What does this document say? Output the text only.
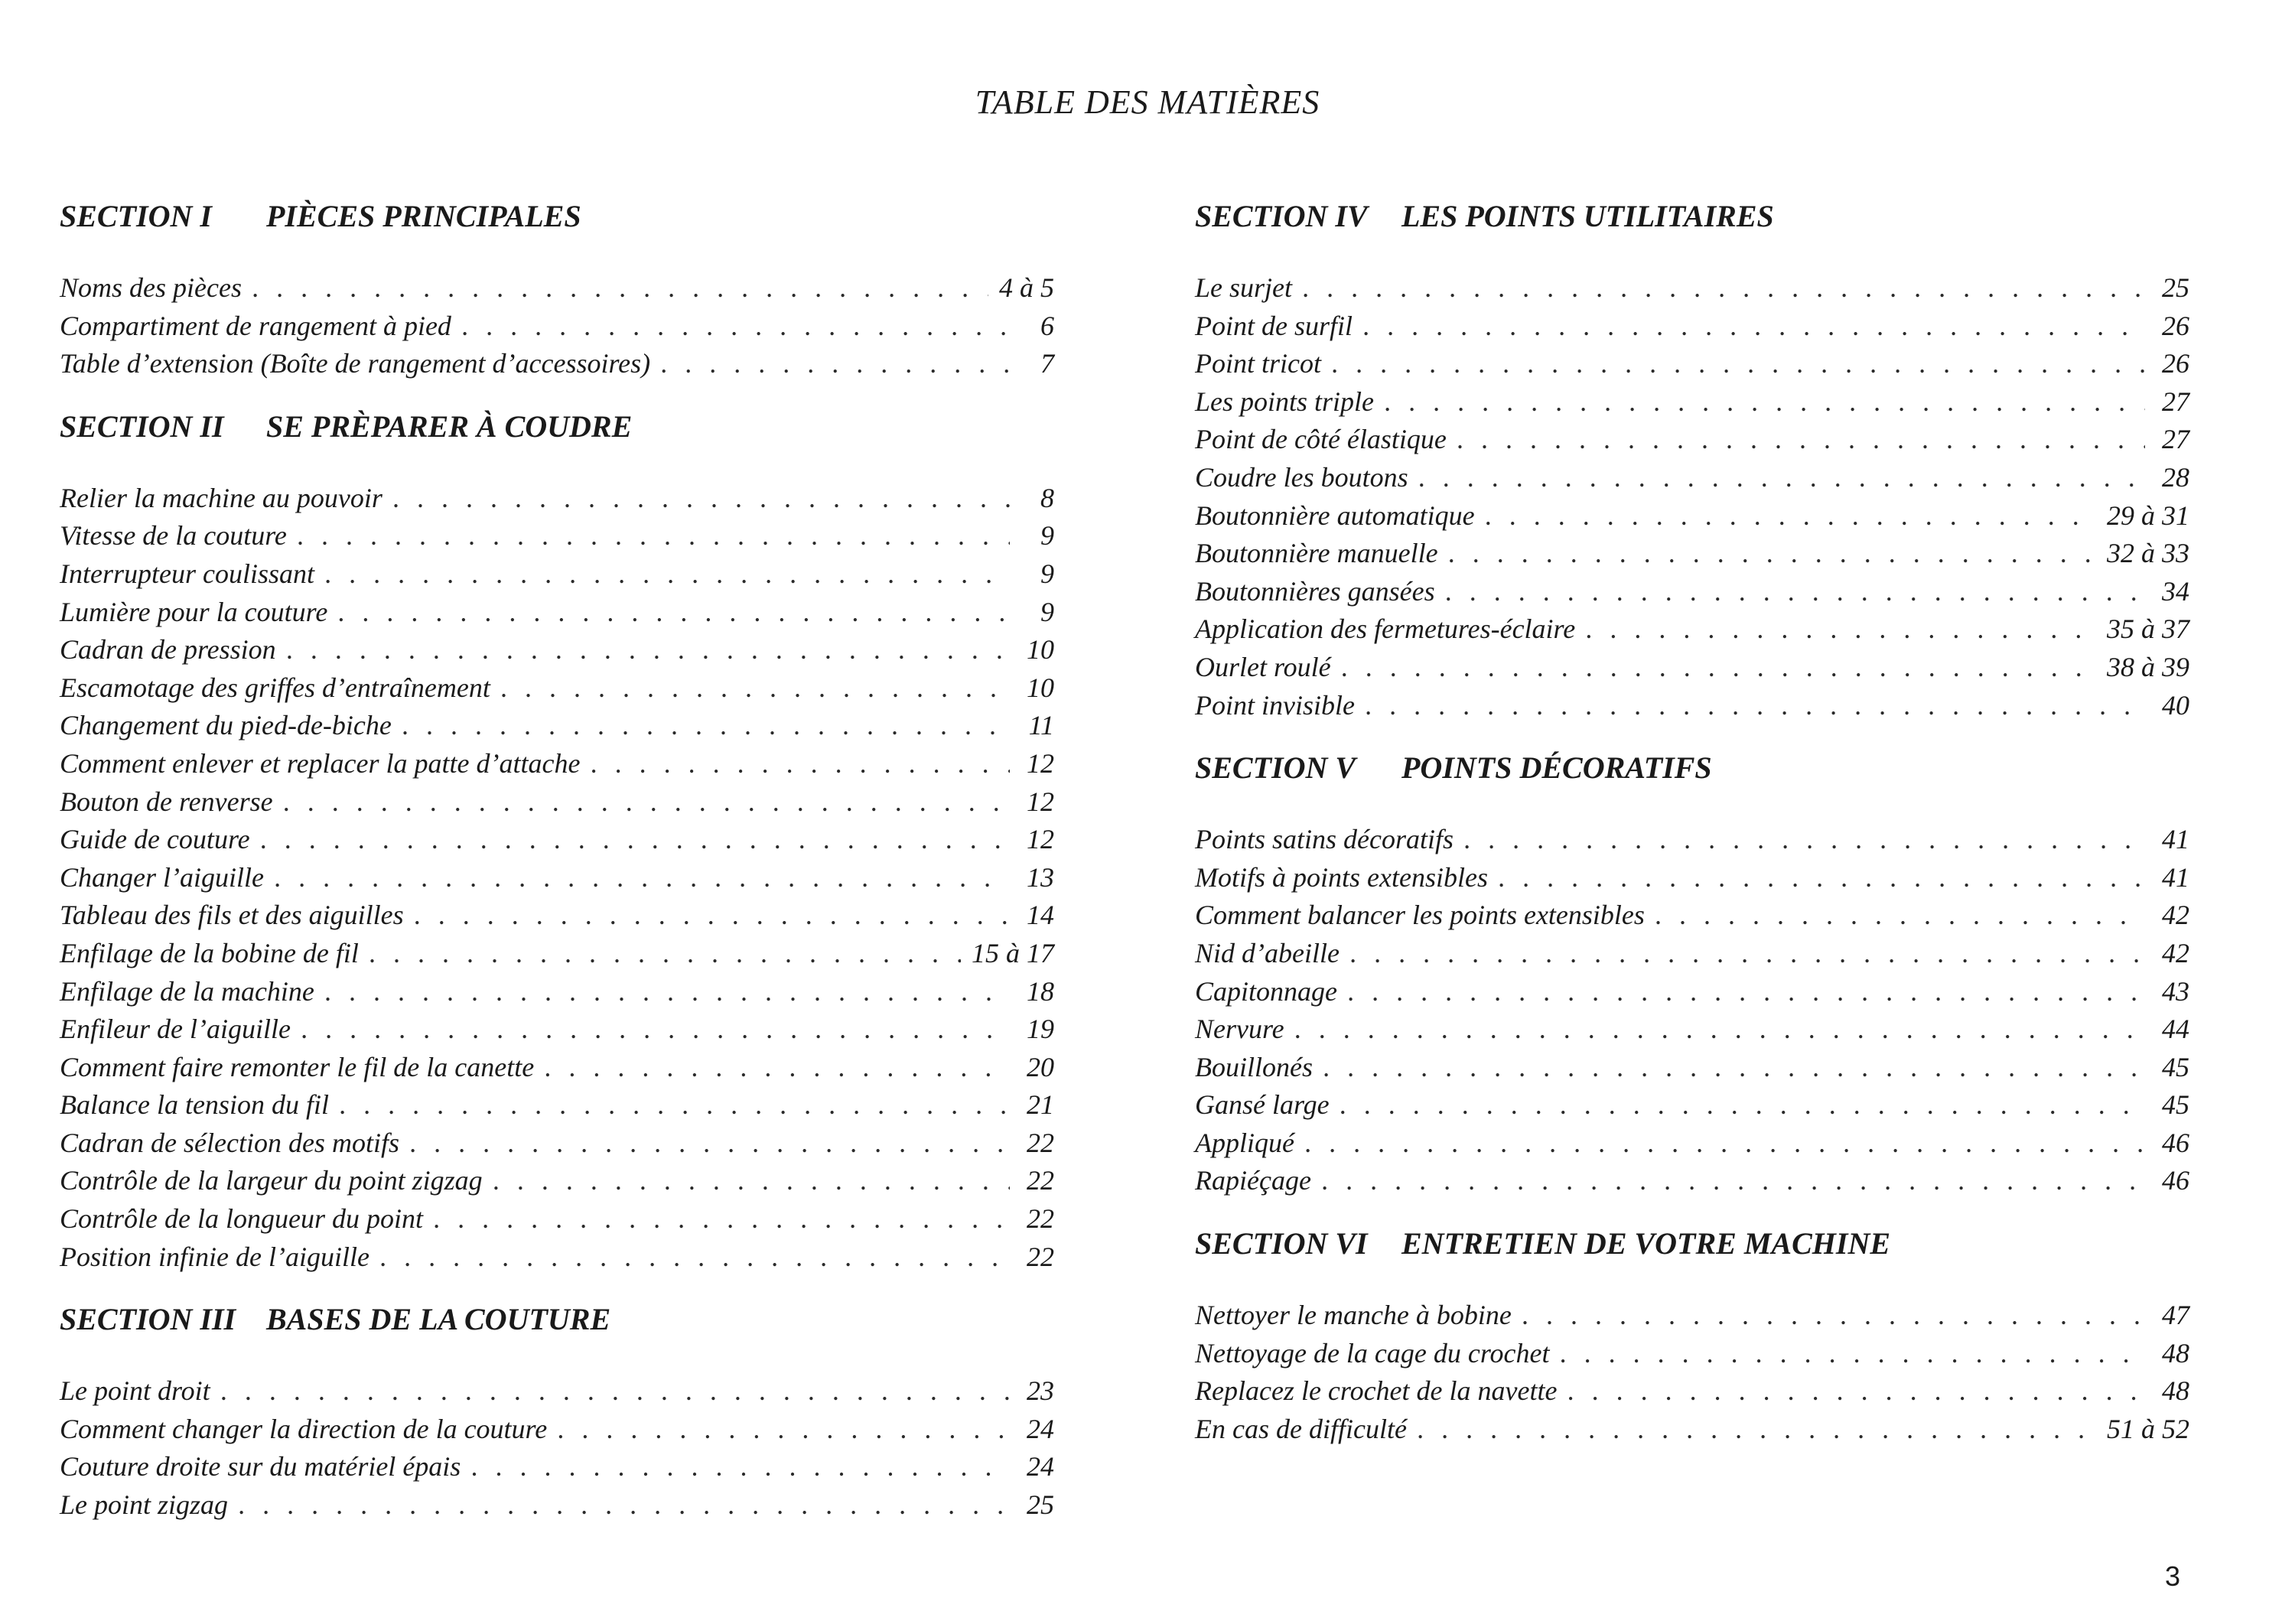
TABLE DES MATIÈRES
SECTION I PIÈCES PRINCIPALES
Noms des pièces . . .	4 à 5
Compartiment de rangement à pied . . .	6
Table d’extension (Boîte de rangement d’accessoires) . . .	7
SECTION II SE PRÈPARER À COUDRE
Relier la machine au pouvoir . . .	8
Vitesse de la couture . . .	9
Interrupteur coulissant . . .	9
Lumière pour la couture . . .	9
Cadran de pression . . .	10
Escamotage des griffes d’entraînement . . .	10
Changement du pied-de-biche . . .	11
Comment enlever et replacer la patte d’attache . . .	12
Bouton de renverse . . .	12
Guide de couture . . .	12
Changer l’aiguille . . .	13
Tableau des fils et des aiguilles . . .	14
Enfilage de la bobine de fil . . .	15 à 17
Enfilage de la machine . . .	18
Enfileur de l’aiguille . . .	19
Comment faire remonter le fil de la canette . . .	20
Balance la tension du fil . . .	21
Cadran de sélection des motifs . . .	22
Contrôle de la largeur du point zigzag . . .	22
Contrôle de la longueur du point . . .	22
Position infinie de l’aiguille . . .	22
SECTION III BASES DE LA COUTURE
Le point droit . . .	23
Comment changer la direction de la couture . . .	24
Couture droite sur du matériel épais . . .	24
Le point zigzag . . .	25
SECTION IV LES POINTS UTILITAIRES
Le surjet . . .	25
Point de surfil . . .	26
Point tricot . . .	26
Les points triple . . .	27
Point de côté élastique . . .	27
Coudre les boutons . . .	28
Boutonnière automatique . . .	29 à 31
Boutonnière manuelle . . .	32 à 33
Boutonnières gansées . . .	34
Application des fermetures-éclaire . . .	35 à 37
Ourlet roulé . . .	38 à 39
Point invisible . . .	40
SECTION V POINTS DÉCORATIFS
Points satins décoratifs . . .	41
Motifs à points extensibles . . .	41
Comment balancer les points extensibles . . .	42
Nid d’abeille . . .	42
Capitonnage . . .	43
Nervure . . .	44
Bouillonés . . .	45
Gansé large . . .	45
Appliqué . . .	46
Rapiéçage . . .	46
SECTION VI ENTRETIEN DE VOTRE MACHINE
Nettoyer le manche à bobine . . .	47
Nettoyage de la cage du crochet . . .	48
Replacez le crochet de la navette . . .	48
En cas de difficulté . . .	51 à 52
3
